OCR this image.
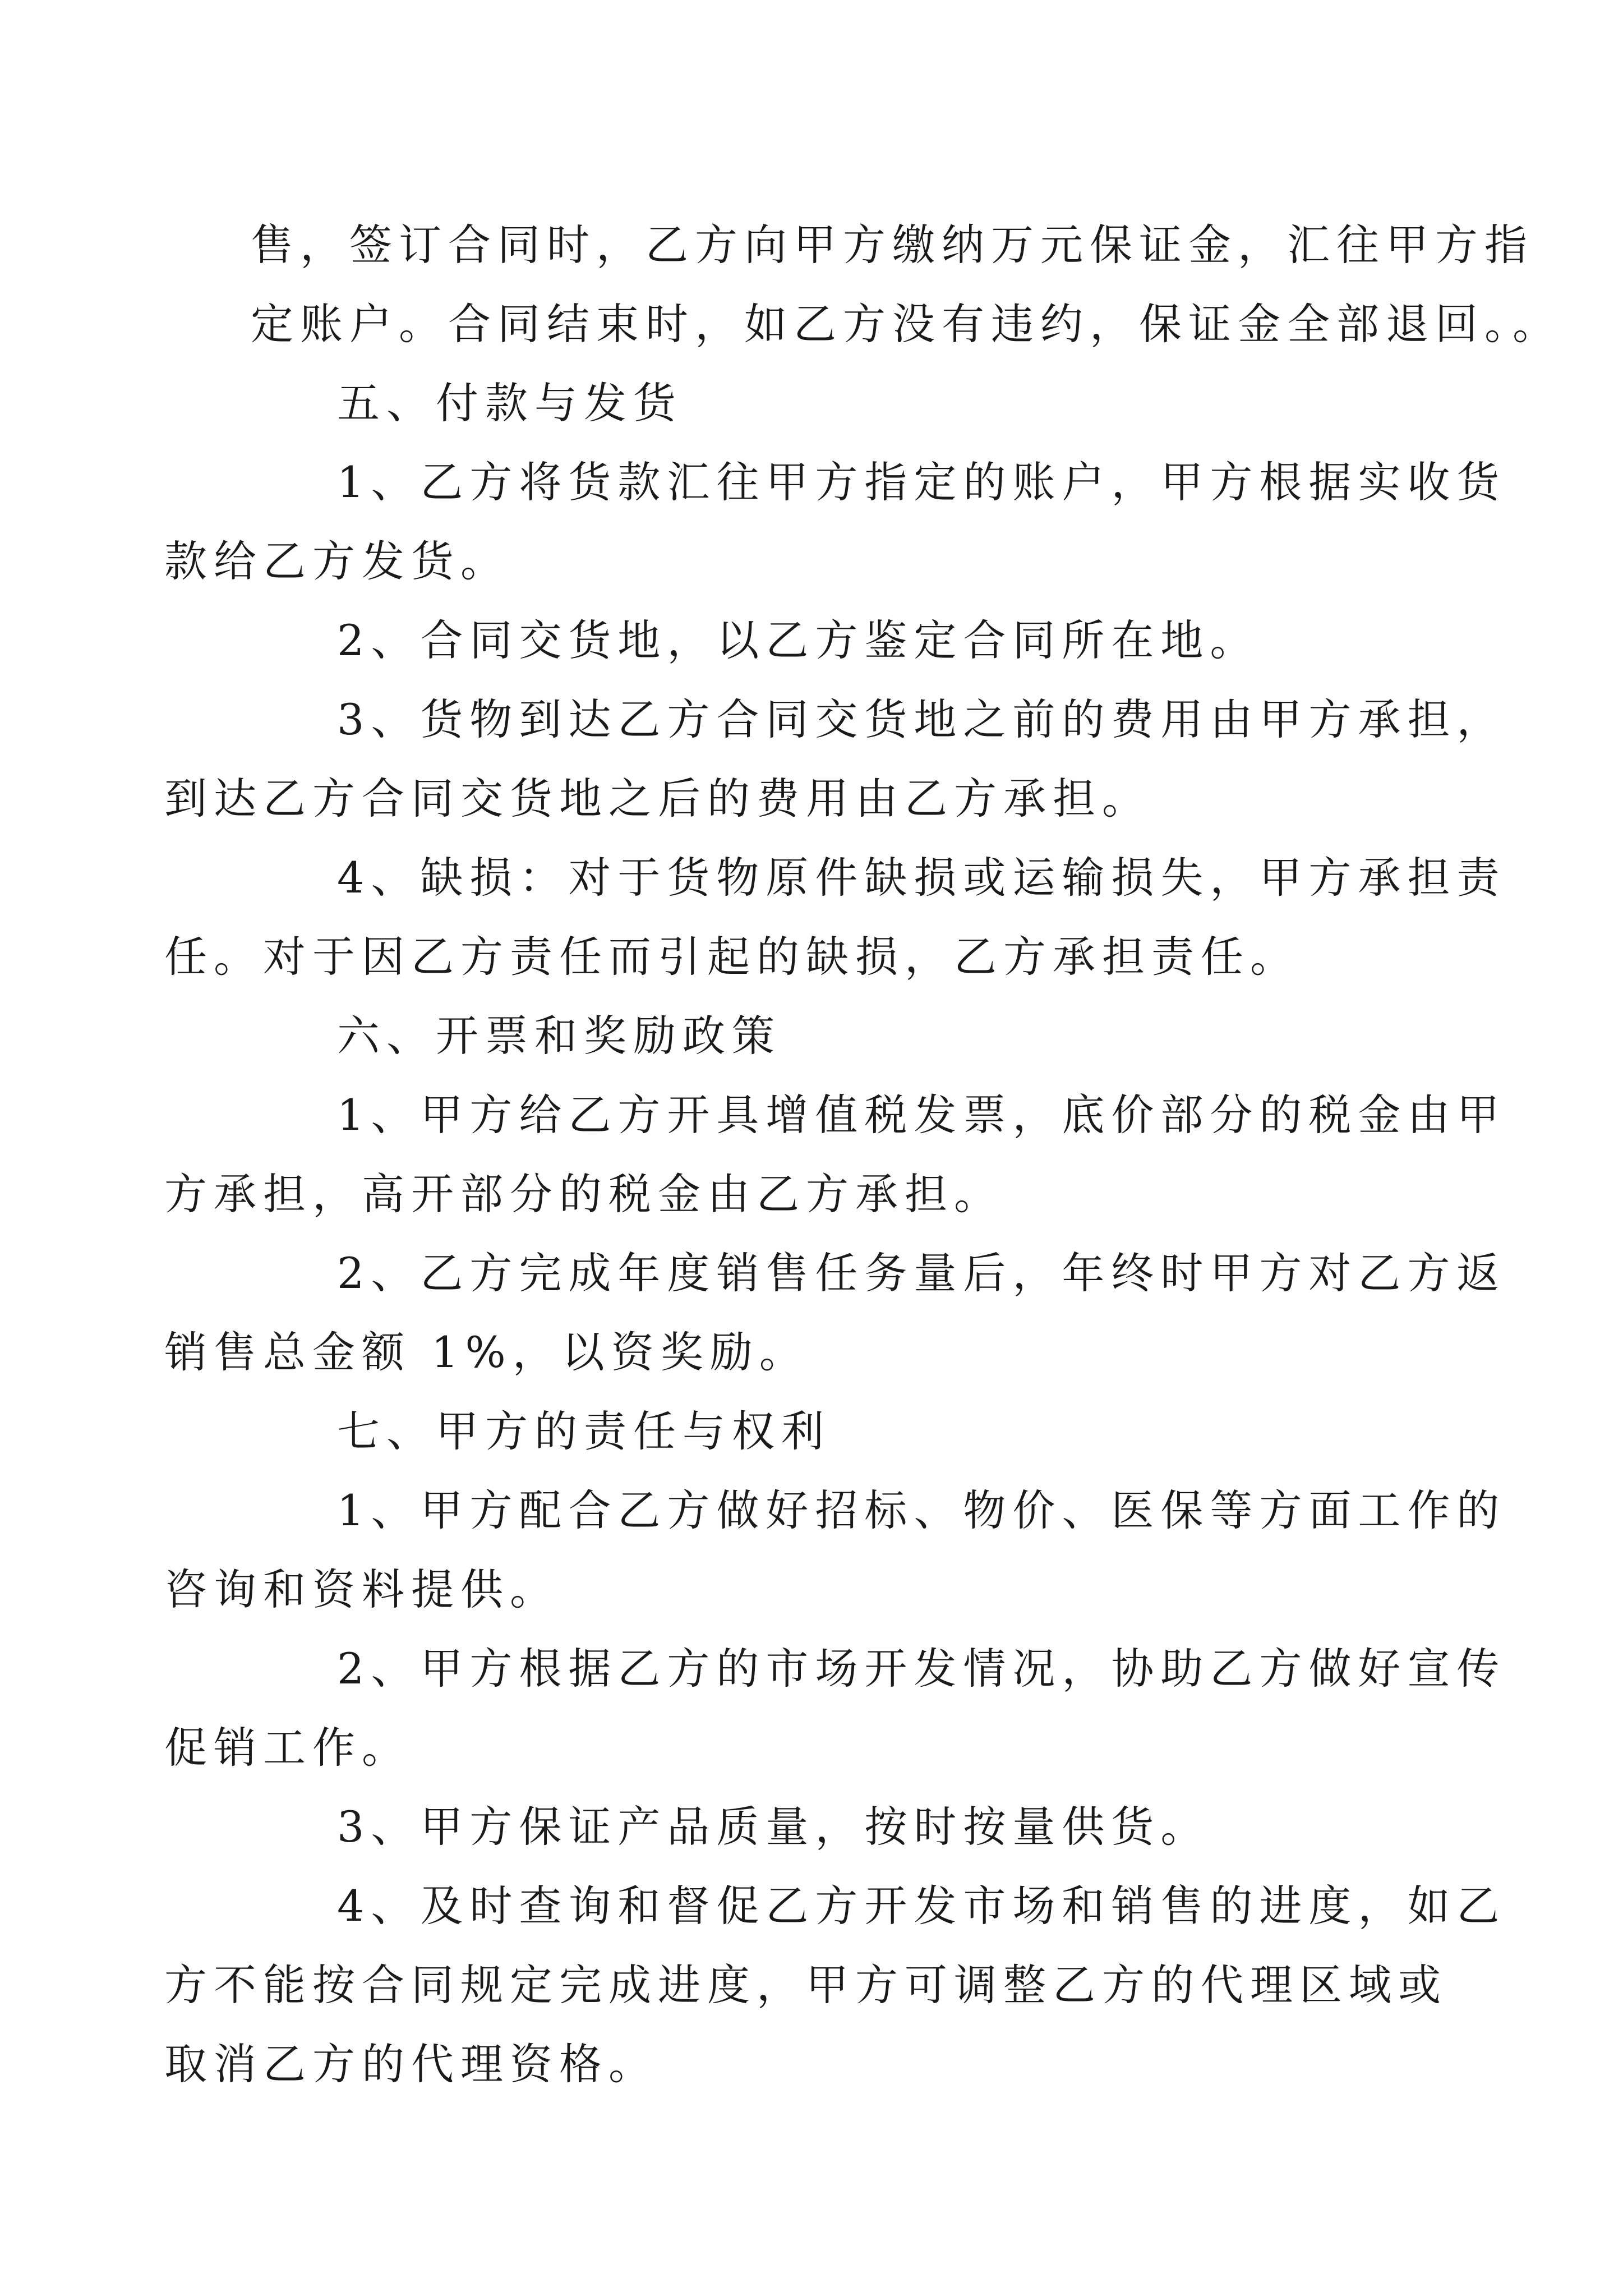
售，签订合同时，乙方向甲方缴纳万元保证金，汇往甲方指
定账户。合同结束时，如乙方没有违约，保证金全部退回。。

五、付款与发货

1、乙方将货款汇往甲方指定的账户，甲方根据实收货
款给乙方发货。

2、合同交货地，以乙方鉴定合同所在地。

3、货物到达乙方合同交货地之前的费用由甲方承担，
到达乙方合同交货地之后的费用由乙方承担。

4、缺损：对于货物原件缺损或运输损失，甲方承担责
任。对于因乙方责任而引起的缺损，乙方承担责任。

六、开票和奖励政策

1、甲方给乙方开具增值税发票，底价部分的税金由甲
方承担，高开部分的税金由乙方承担。

2、乙方完成年度销售任务量后，年终时甲方对乙方返
销售总金额 1%，以资奖励。

七、甲方的责任与权利

1、甲方配合乙方做好招标、物价、医保等方面工作的
咨询和资料提供。

2、甲方根据乙方的市场开发情况，协助乙方做好宣传
促销工作。

3、甲方保证产品质量，按时按量供货。

4、及时查询和督促乙方开发市场和销售的进度，如乙
方不能按合同规定完成进度，甲方可调整乙方的代理区域或
取消乙方的代理资格。
